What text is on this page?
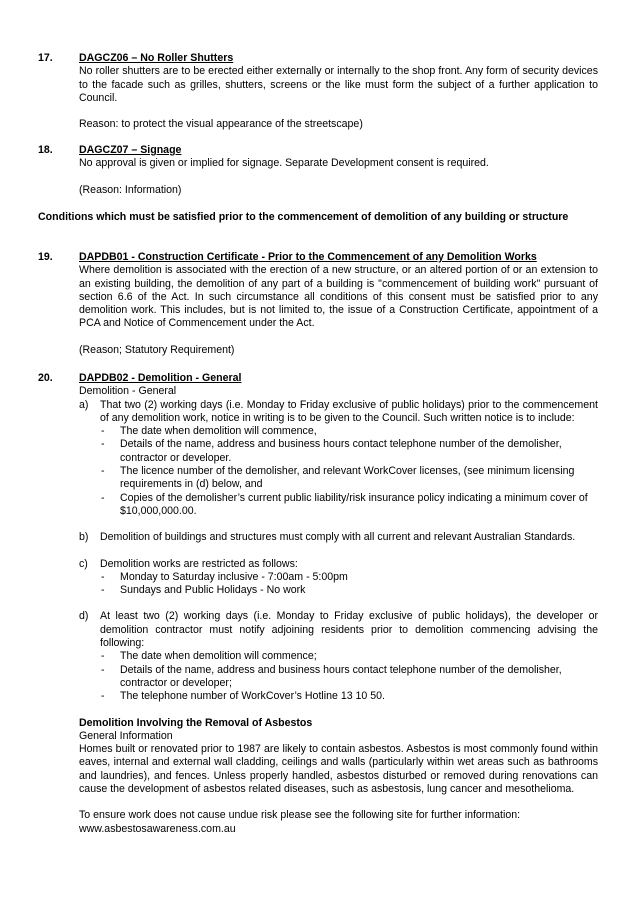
17. DAGCZ06 – No Roller Shutters

No roller shutters are to be erected either externally or internally to the shop front. Any form of security devices to the facade such as grilles, shutters, screens or the like must form the subject of a further application to Council.

Reason: to protect the visual appearance of the streetscape)

18. DAGCZ07 – Signage

No approval is given or implied for signage. Separate Development consent is required.

(Reason: Information)

Conditions which must be satisfied prior to the commencement of demolition of any building or structure

19. DAPDB01 - Construction Certificate - Prior to the Commencement of any Demolition Works

Where demolition is associated with the erection of a new structure, or an altered portion of or an extension to an existing building, the demolition of any part of a building is "commencement of building work" pursuant of section 6.6 of the Act. In such circumstance all conditions of this consent must be satisfied prior to any demolition work. This includes, but is not limited to, the issue of a Construction Certificate, appointment of a PCA and Notice of Commencement under the Act.

(Reason; Statutory Requirement)

20. DAPDB02 - Demolition - General

Demolition - General

a) That two (2) working days (i.e. Monday to Friday exclusive of public holidays) prior to the commencement of any demolition work, notice in writing is to be given to the Council. Such written notice is to include:

- The date when demolition will commence,
- Details of the name, address and business hours contact telephone number of the demolisher, contractor or developer.
- The licence number of the demolisher, and relevant WorkCover licenses, (see minimum licensing requirements in (d) below, and
- Copies of the demolisher’s current public liability/risk insurance policy indicating a minimum cover of $10,000,000.00.
b) Demolition of buildings and structures must comply with all current and relevant Australian Standards.

c) Demolition works are restricted as follows:

- Monday to Saturday inclusive - 7:00am - 5:00pm
- Sundays and Public Holidays - No work
d) At least two (2) working days (i.e. Monday to Friday exclusive of public holidays), the developer or demolition contractor must notify adjoining residents prior to demolition commencing advising the following:

- The date when demolition will commence;
- Details of the name, address and business hours contact telephone number of the demolisher, contractor or developer;
- The telephone number of WorkCover’s Hotline 13 10 50.

Demolition Involving the Removal of Asbestos

General Information

Homes built or renovated prior to 1987 are likely to contain asbestos. Asbestos is most commonly found within eaves, internal and external wall cladding, ceilings and walls (particularly within wet areas such as bathrooms and laundries), and fences. Unless properly handled, asbestos disturbed or removed during renovations can cause the development of asbestos related diseases, such as asbestosis, lung cancer and mesothelioma.

To ensure work does not cause undue risk please see the following site for further information:

www.asbestosawareness.com.au
